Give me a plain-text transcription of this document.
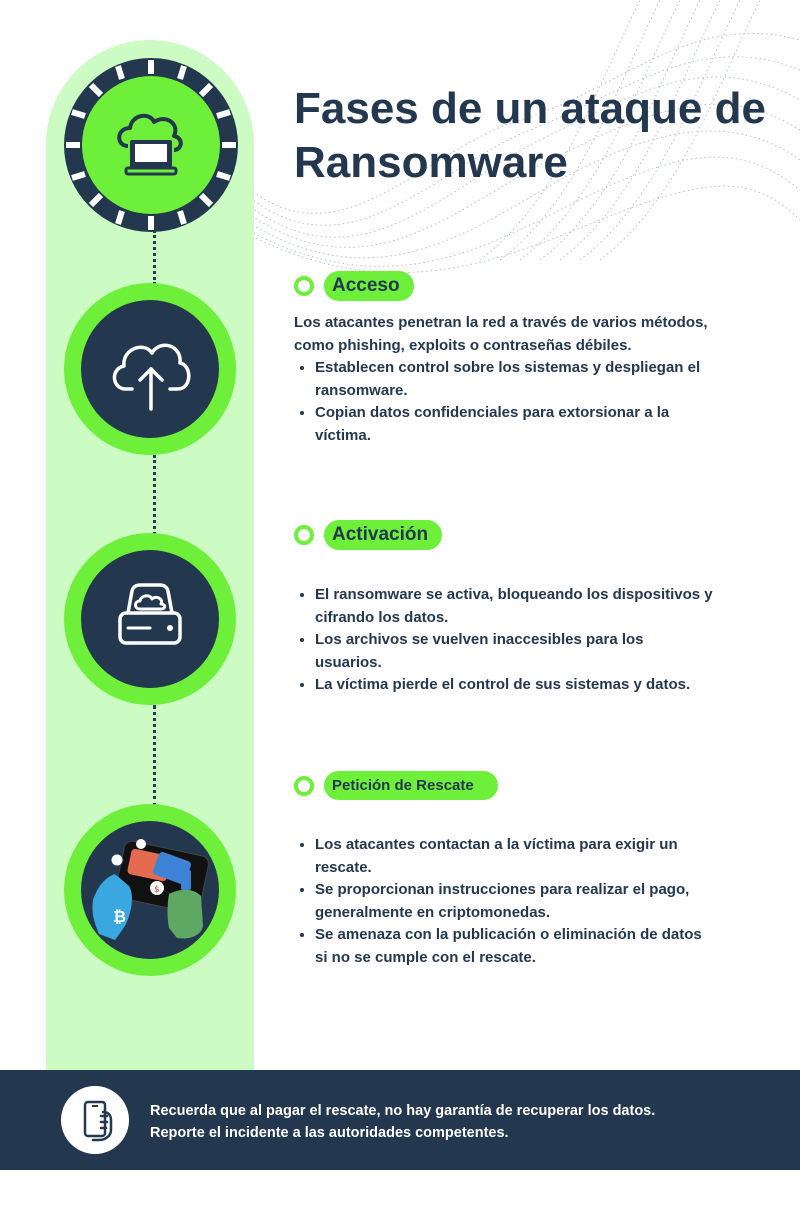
Fases de un ataque de Ransomware
Acceso

Los atacantes penetran la red a través de varios métodos, como phishing, exploits o contraseñas débiles.

• Establecen control sobre los sistemas y despliegan el ransomware.
• Copian datos confidenciales para extorsionar a la víctima.
Activación
• El ransomware se activa, bloqueando los dispositivos y cifrando los datos.
• Los archivos se vuelven inaccesibles para los usuarios.
• La víctima pierde el control de sus sistemas y datos.
$
₿
Petición de Rescate
• Los atacantes contactan a la víctima para exigir un rescate.
• Se proporcionan instrucciones para realizar el pago, generalmente en criptomonedas.
• Se amenaza con la publicación o eliminación de datos si no se cumple con el rescate.
Recuerda que al pagar el rescate, no hay garantía de recuperar los datos.
Reporte el incidente a las autoridades competentes.
